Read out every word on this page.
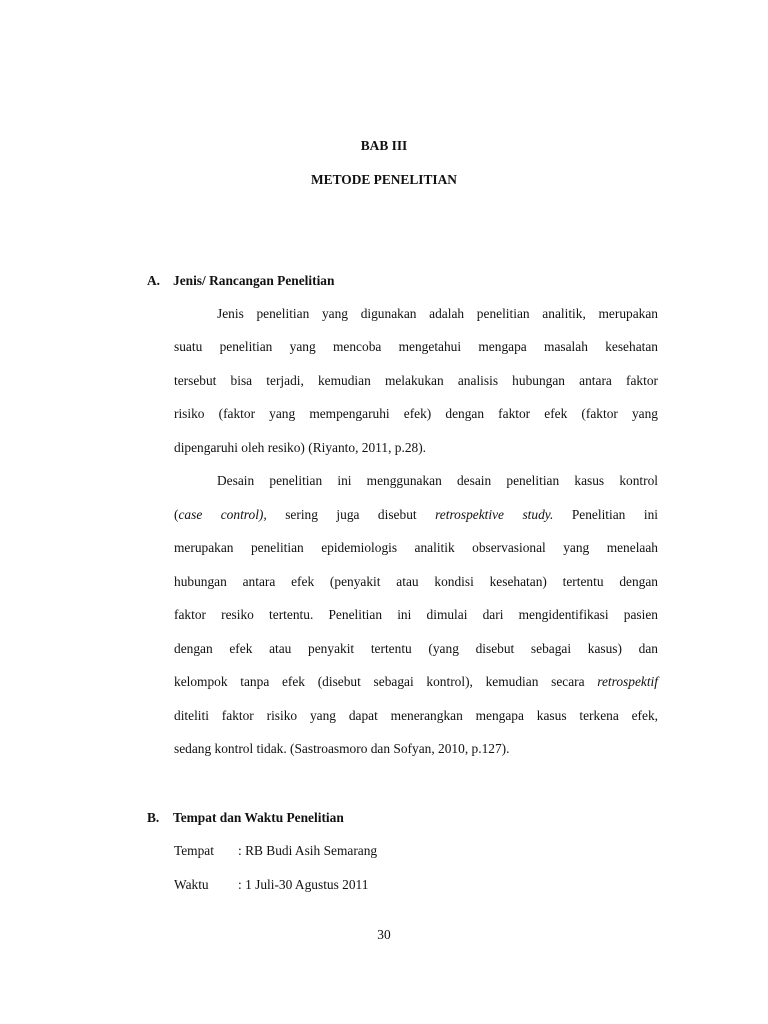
BAB III
METODE PENELITIAN
A. Jenis/ Rancangan Penelitian
Jenis penelitian yang digunakan adalah penelitian analitik, merupakan
suatu penelitian yang mencoba mengetahui mengapa masalah kesehatan
tersebut bisa terjadi, kemudian melakukan analisis hubungan antara faktor
risiko (faktor yang mempengaruhi efek) dengan faktor efek (faktor yang
dipengaruhi oleh resiko) (Riyanto, 2011, p.28).
Desain penelitian ini menggunakan desain penelitian kasus kontrol
(case control), sering juga disebut retrospektive study. Penelitian ini
merupakan penelitian epidemiologis analitik observasional yang menelaah
hubungan antara efek (penyakit atau kondisi kesehatan) tertentu dengan
faktor resiko tertentu. Penelitian ini dimulai dari mengidentifikasi pasien
dengan efek atau penyakit tertentu (yang disebut sebagai kasus) dan
kelompok tanpa efek (disebut sebagai kontrol), kemudian secara retrospektif
diteliti faktor risiko yang dapat menerangkan mengapa kasus terkena efek,
sedang kontrol tidak. (Sastroasmoro dan Sofyan, 2010, p.127).
B. Tempat dan Waktu Penelitian
Tempat : RB Budi Asih Semarang
Waktu : 1 Juli-30 Agustus 2011
30
